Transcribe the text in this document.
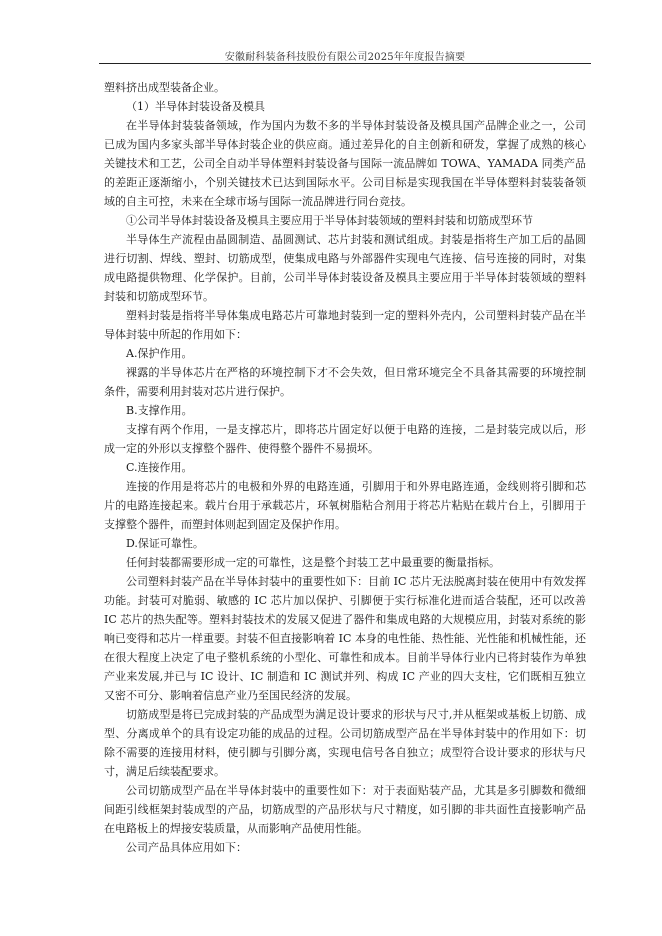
安徽耐科装备科技股份有限公司2025年年度报告摘要

塑料挤出成型装备企业。

（1）半导体封装设备及模具

在半导体封装装备领域，作为国内为数不多的半导体封装设备及模具国产品牌企业之一，公司已成为国内多家头部半导体封装企业的供应商。通过差异化的自主创新和研发，掌握了成熟的核心关键技术和工艺，公司全自动半导体塑料封装设备与国际一流品牌如 TOWA、YAMADA 同类产品的差距正逐渐缩小，个别关键技术已达到国际水平。公司目标是实现我国在半导体塑料封装装备领域的自主可控，未来在全球市场与国际一流品牌进行同台竞技。

①公司半导体封装设备及模具主要应用于半导体封装领域的塑料封装和切筋成型环节

半导体生产流程由晶圆制造、晶圆测试、芯片封装和测试组成。封装是指将生产加工后的晶圆进行切割、焊线、塑封、切筋成型，使集成电路与外部器件实现电气连接、信号连接的同时，对集成电路提供物理、化学保护。目前，公司半导体封装设备及模具主要应用于半导体封装领域的塑料封装和切筋成型环节。

塑料封装是指将半导体集成电路芯片可靠地封装到一定的塑料外壳内，公司塑料封装产品在半导体封装中所起的作用如下：

A.保护作用。

裸露的半导体芯片在严格的环境控制下才不会失效，但日常环境完全不具备其需要的环境控制条件，需要利用封装对芯片进行保护。

B.支撑作用。

支撑有两个作用，一是支撑芯片，即将芯片固定好以便于电路的连接，二是封装完成以后，形成一定的外形以支撑整个器件、使得整个器件不易损坏。

C.连接作用。

连接的作用是将芯片的电极和外界的电路连通，引脚用于和外界电路连通，金线则将引脚和芯片的电路连接起来。载片台用于承载芯片，环氧树脂粘合剂用于将芯片粘贴在载片台上，引脚用于支撑整个器件，而塑封体则起到固定及保护作用。

D.保证可靠性。

任何封装都需要形成一定的可靠性，这是整个封装工艺中最重要的衡量指标。

公司塑料封装产品在半导体封装中的重要性如下：目前 IC 芯片无法脱离封装在使用中有效发挥功能。封装可对脆弱、敏感的 IC 芯片加以保护、引脚便于实行标准化进而适合装配，还可以改善 IC 芯片的热失配等。塑料封装技术的发展又促进了器件和集成电路的大规模应用，封装对系统的影响已变得和芯片一样重要。封装不但直接影响着 IC 本身的电性能、热性能、光性能和机械性能，还在很大程度上决定了电子整机系统的小型化、可靠性和成本。目前半导体行业内已将封装作为单独产业来发展,并已与 IC 设计、IC 制造和 IC 测试并列、构成 IC 产业的四大支柱，它们既相互独立又密不可分、影响着信息产业乃至国民经济的发展。

切筋成型是将已完成封装的产品成型为满足设计要求的形状与尺寸,并从框架或基板上切筋、成型、分离成单个的具有设定功能的成品的过程。公司切筋成型产品在半导体封装中的作用如下：切除不需要的连接用材料，使引脚与引脚分离，实现电信号各自独立；成型符合设计要求的形状与尺寸，满足后续装配要求。

公司切筋成型产品在半导体封装中的重要性如下：对于表面贴装产品，尤其是多引脚数和微细间距引线框架封装成型的产品，切筋成型的产品形状与尺寸精度，如引脚的非共面性直接影响产品在电路板上的焊接安装质量，从而影响产品使用性能。

公司产品具体应用如下：
